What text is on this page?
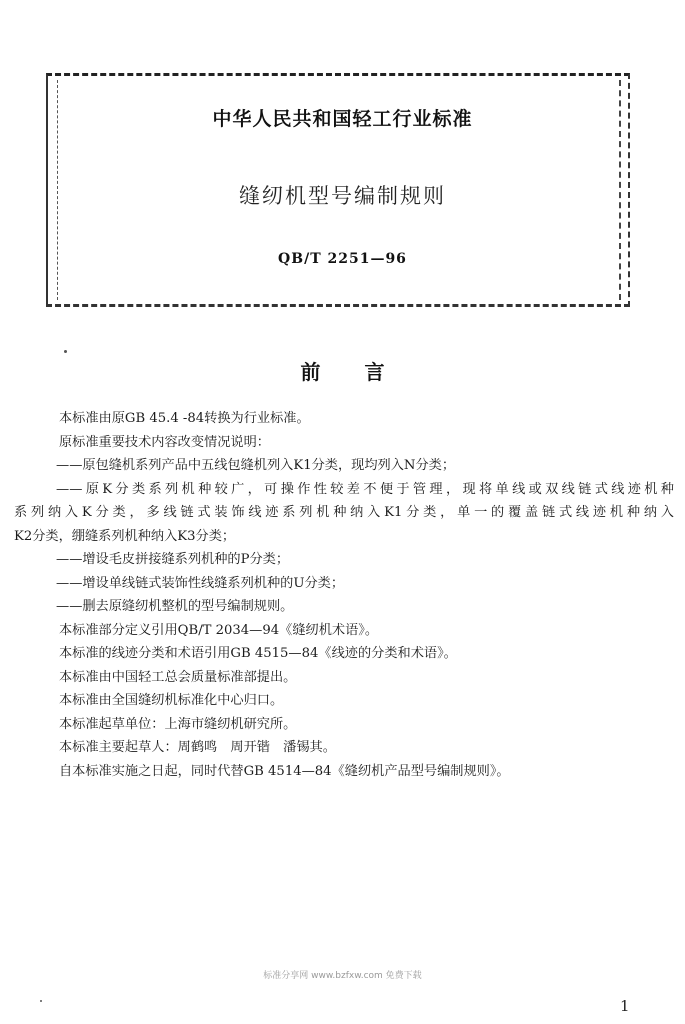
中华人民共和国轻工行业标准
缝纫机型号编制规则
QB/T 2251—96
前言
本标准由原GB 45.4 -84转换为行业标准。
原标准重要技术内容改变情况说明：
——原包缝机系列产品中五线包缝机列入K1分类，现均列入N分类；
——原K分类系列机种较广，可操作性较差不便于管理，现将单线或双线链式线迹机种
系列纳入K分类，多线链式装饰线迹系列机种纳入K1分类，单一的覆盖链式线迹机种纳入
K2分类，绷缝系列机种纳入K3分类；
——增设毛皮拼接缝系列机种的P分类；
——增设单线链式装饰性线缝系列机种的U分类；
——删去原缝纫机整机的型号编制规则。
本标准部分定义引用QB/T 2034—94《缝纫机术语》。
本标准的线迹分类和术语引用GB 4515—84《线迹的分类和术语》。
本标准由中国轻工总会质量标准部提出。
本标准由全国缝纫机标准化中心归口。
本标准起草单位：上海市缝纫机研究所。
本标准主要起草人：周鹤鸣　周开锴　潘锡其。
自本标准实施之日起，同时代替GB 4514—84《缝纫机产品型号编制规则》。
标准分享网 www.bzfxw.com 免费下载
1
